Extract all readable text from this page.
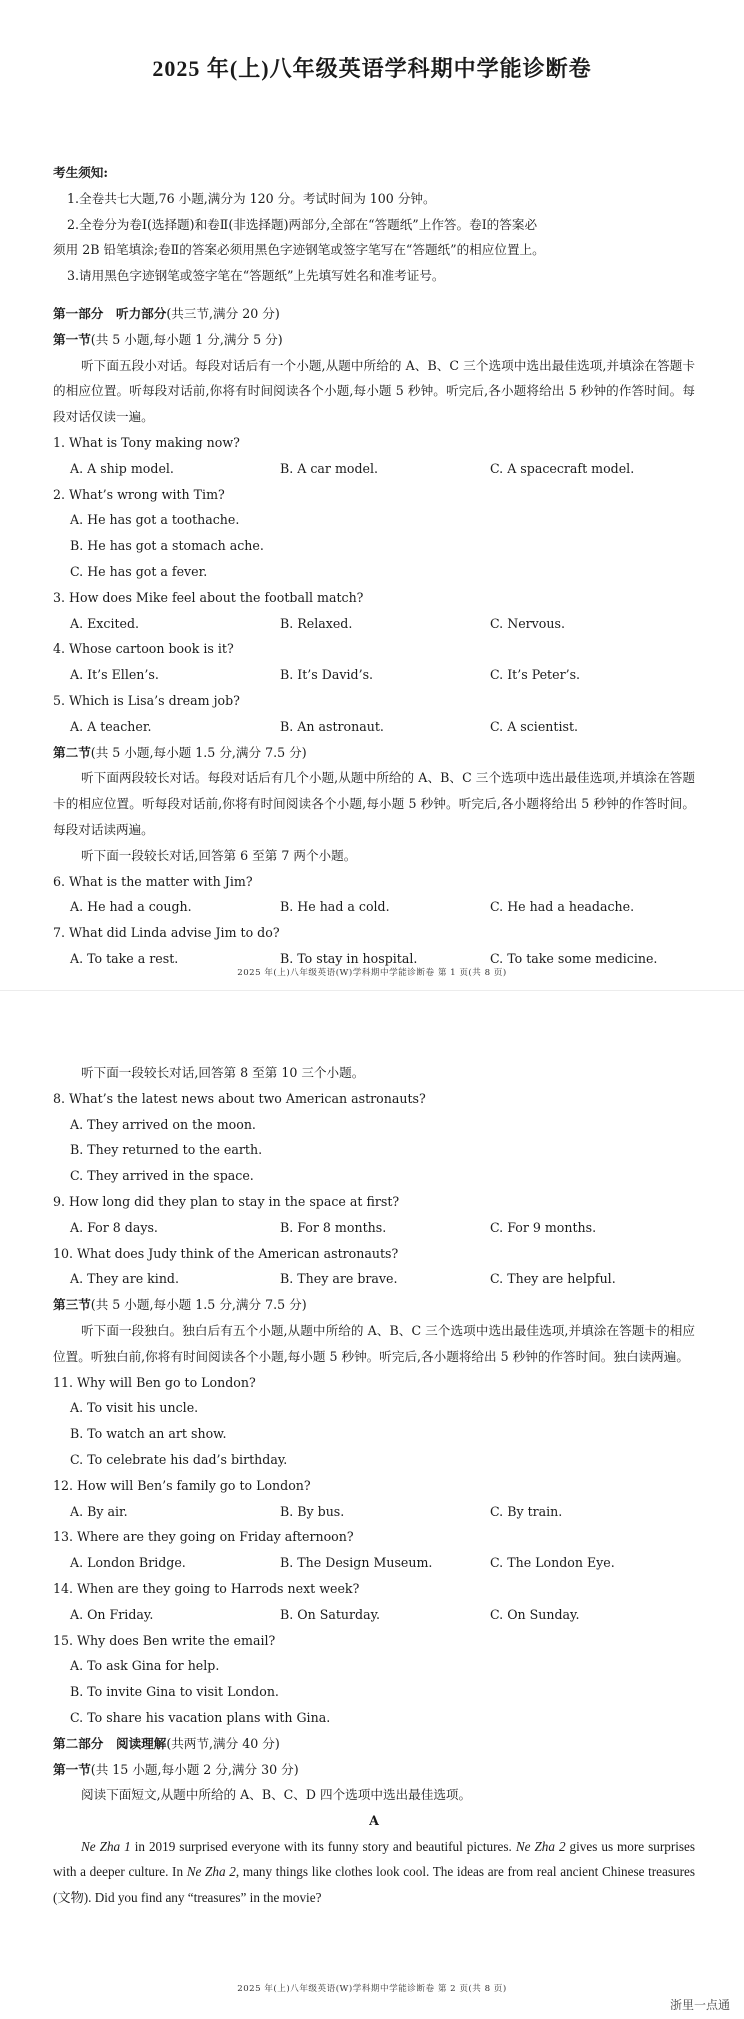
2025 年(上)八年级英语学科期中学能诊断卷
考生须知:
1.全卷共七大题,76 小题,满分为 120 分。考试时间为 100 分钟。
2.全卷分为卷Ⅰ(选择题)和卷Ⅱ(非选择题)两部分,全部在“答题纸”上作答。卷Ⅰ的答案必
须用 2B 铅笔填涂;卷Ⅱ的答案必须用黑色字迹钢笔或签字笔写在“答题纸”的相应位置上。
3.请用黑色字迹钢笔或签字笔在“答题纸”上先填写姓名和准考证号。
第一部分　听力部分(共三节,满分 20 分)
第一节(共 5 小题,每小题 1 分,满分 5 分)
听下面五段小对话。每段对话后有一个小题,从题中所给的 A、B、C 三个选项中选出最佳选项,并填涂在答题卡的相应位置。听每段对话前,你将有时间阅读各个小题,每小题 5 秒钟。听完后,各小题将给出 5 秒钟的作答时间。每段对话仅读一遍。
1. What is Tony making now?
A. A ship model.	B. A car model.	C. A spacecraft model.
2. What’s wrong with Tim?
A. He has got a toothache.
B. He has got a stomach ache.
C. He has got a fever.
3. How does Mike feel about the football match?
A. Excited.	B. Relaxed.	C. Nervous.
4. Whose cartoon book is it?
A. It’s Ellen’s.	B. It’s David’s.	C. It’s Peter’s.
5. Which is Lisa’s dream job?
A. A teacher.	B. An astronaut.	C. A scientist.
第二节(共 5 小题,每小题 1.5 分,满分 7.5 分)
听下面两段较长对话。每段对话后有几个小题,从题中所给的 A、B、C 三个选项中选出最佳选项,并填涂在答题卡的相应位置。听每段对话前,你将有时间阅读各个小题,每小题 5 秒钟。听完后,各小题将给出 5 秒钟的作答时间。每段对话读两遍。
听下面一段较长对话,回答第 6 至第 7 两个小题。
6. What is the matter with Jim?
A. He had a cough.	B. He had a cold.	C. He had a headache.
7. What did Linda advise Jim to do?
A. To take a rest.	B. To stay in hospital.	C. To take some medicine.
2025 年(上)八年级英语(W)学科期中学能诊断卷 第 1 页(共 8 页)
听下面一段较长对话,回答第 8 至第 10 三个小题。
8. What’s the latest news about two American astronauts?
A. They arrived on the moon.
B. They returned to the earth.
C. They arrived in the space.
9. How long did they plan to stay in the space at first?
A. For 8 days.	B. For 8 months.	C. For 9 months.
10. What does Judy think of the American astronauts?
A. They are kind.	B. They are brave.	C. They are helpful.
第三节(共 5 小题,每小题 1.5 分,满分 7.5 分)
听下面一段独白。独白后有五个小题,从题中所给的 A、B、C 三个选项中选出最佳选项,并填涂在答题卡的相应位置。听独白前,你将有时间阅读各个小题,每小题 5 秒钟。听完后,各小题将给出 5 秒钟的作答时间。独白读两遍。
11. Why will Ben go to London?
A. To visit his uncle.
B. To watch an art show.
C. To celebrate his dad’s birthday.
12. How will Ben’s family go to London?
A. By air.	B. By bus.	C. By train.
13. Where are they going on Friday afternoon?
A. London Bridge.	B. The Design Museum.	C. The London Eye.
14. When are they going to Harrods next week?
A. On Friday.	B. On Saturday.	C. On Sunday.
15. Why does Ben write the email?
A. To ask Gina for help.
B. To invite Gina to visit London.
C. To share his vacation plans with Gina.
第二部分　阅读理解(共两节,满分 40 分)
第一节(共 15 小题,每小题 2 分,满分 30 分)
阅读下面短文,从题中所给的 A、B、C、D 四个选项中选出最佳选项。
A
Ne Zha 1 in 2019 surprised everyone with its funny story and beautiful pictures. Ne Zha 2 gives us more surprises with a deeper culture. In Ne Zha 2, many things like clothes look cool. The ideas are from real ancient Chinese treasures (文物). Did you find any “treasures” in the movie?
2025 年(上)八年级英语(W)学科期中学能诊断卷 第 2 页(共 8 页)
浙里一点通
